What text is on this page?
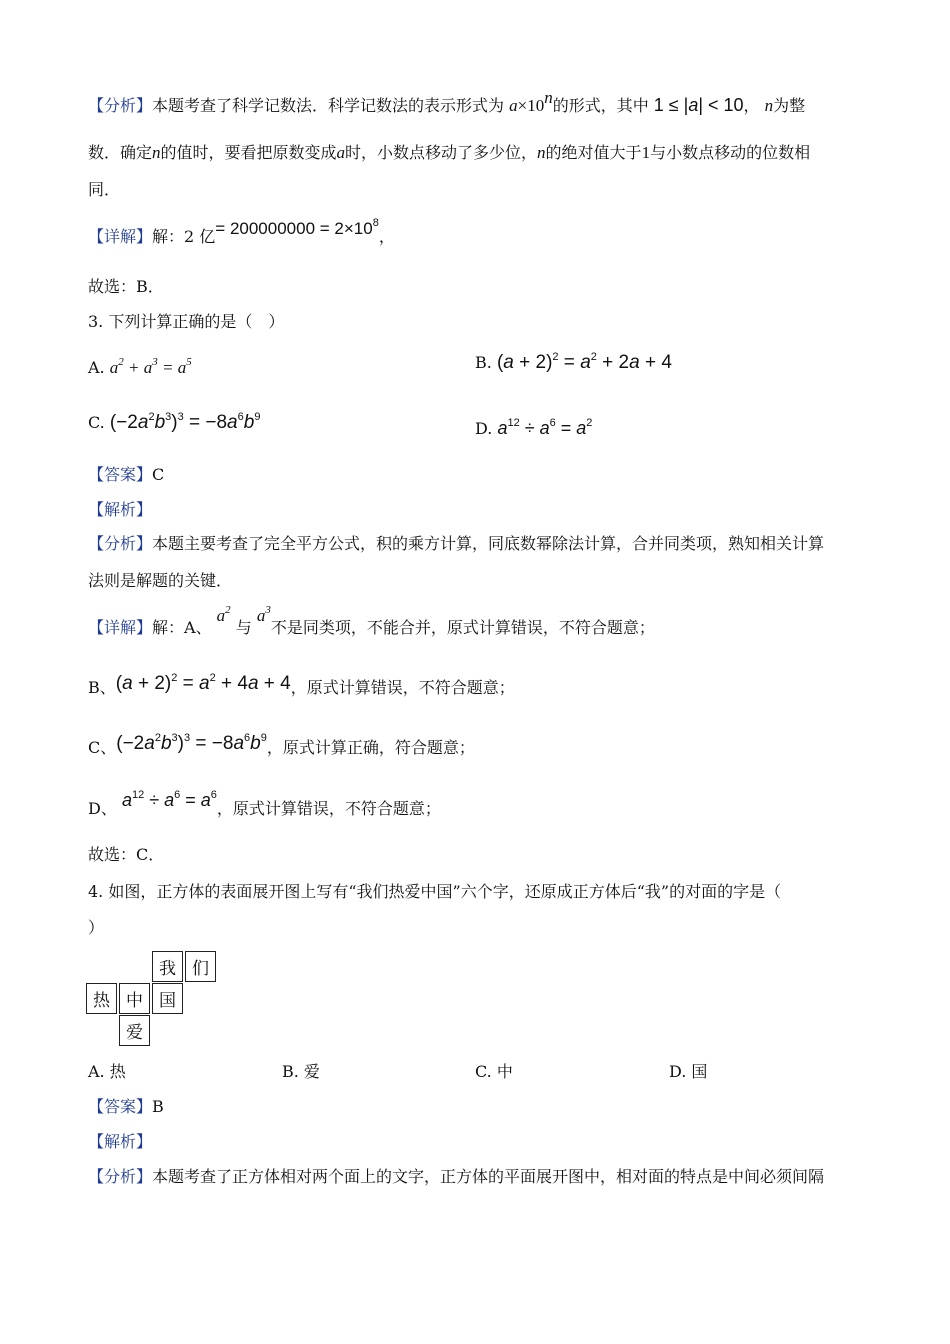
【分析】本题考查了科学记数法．科学记数法的表示形式为 $a\times 10^n$的形式，其中 1 ≤ |a| < 10， n为整
数．确定n的值时，要看把原数变成a时，小数点移动了多少位，n的绝对值大于1与小数点移动的位数相
同．
【详解】解：2 亿= $200000000 = 2\times 10^8$，
故选：B．
3. 下列计算正确的是（　）
A. $a^2 + a^3 = a^5$	B. $(a + 2)^2 = a^2 + 2a + 4$
C. $(-2a^2b^3)^3 = -8a^6b^9$
D. $a^{12} \div a^6 = a^2$
【答案】C
【解析】
【分析】本题主要考查了完全平方公式，积的乘方计算，同底数幂除法计算，合并同类项，熟知相关计算
法则是解题的关键．
【详解】解：A、 $a^2$ 与 $a^3$不是同类项，不能合并，原式计算错误，不符合题意；
B、$(a + 2)^2 = a^2 + 4a + 4$，原式计算错误，不符合题意；
C、$(-2a^2b^3)^3 = -8a^6b^9$，原式计算正确，符合题意；
D、 $a^{12} \div a^6 = a^6$，原式计算错误，不符合题意；
故选：C．
4. 如图，正方体的表面展开图上写有“我们热爱中国”六个字，还原成正方体后“我”的对面的字是（
）
我 们
热 中 国
爱
A. 热	B. 爱	C. 中	D. 国
【答案】B
【解析】
【分析】本题考查了正方体相对两个面上的文字，正方体的平面展开图中，相对面的特点是中间必须间隔
